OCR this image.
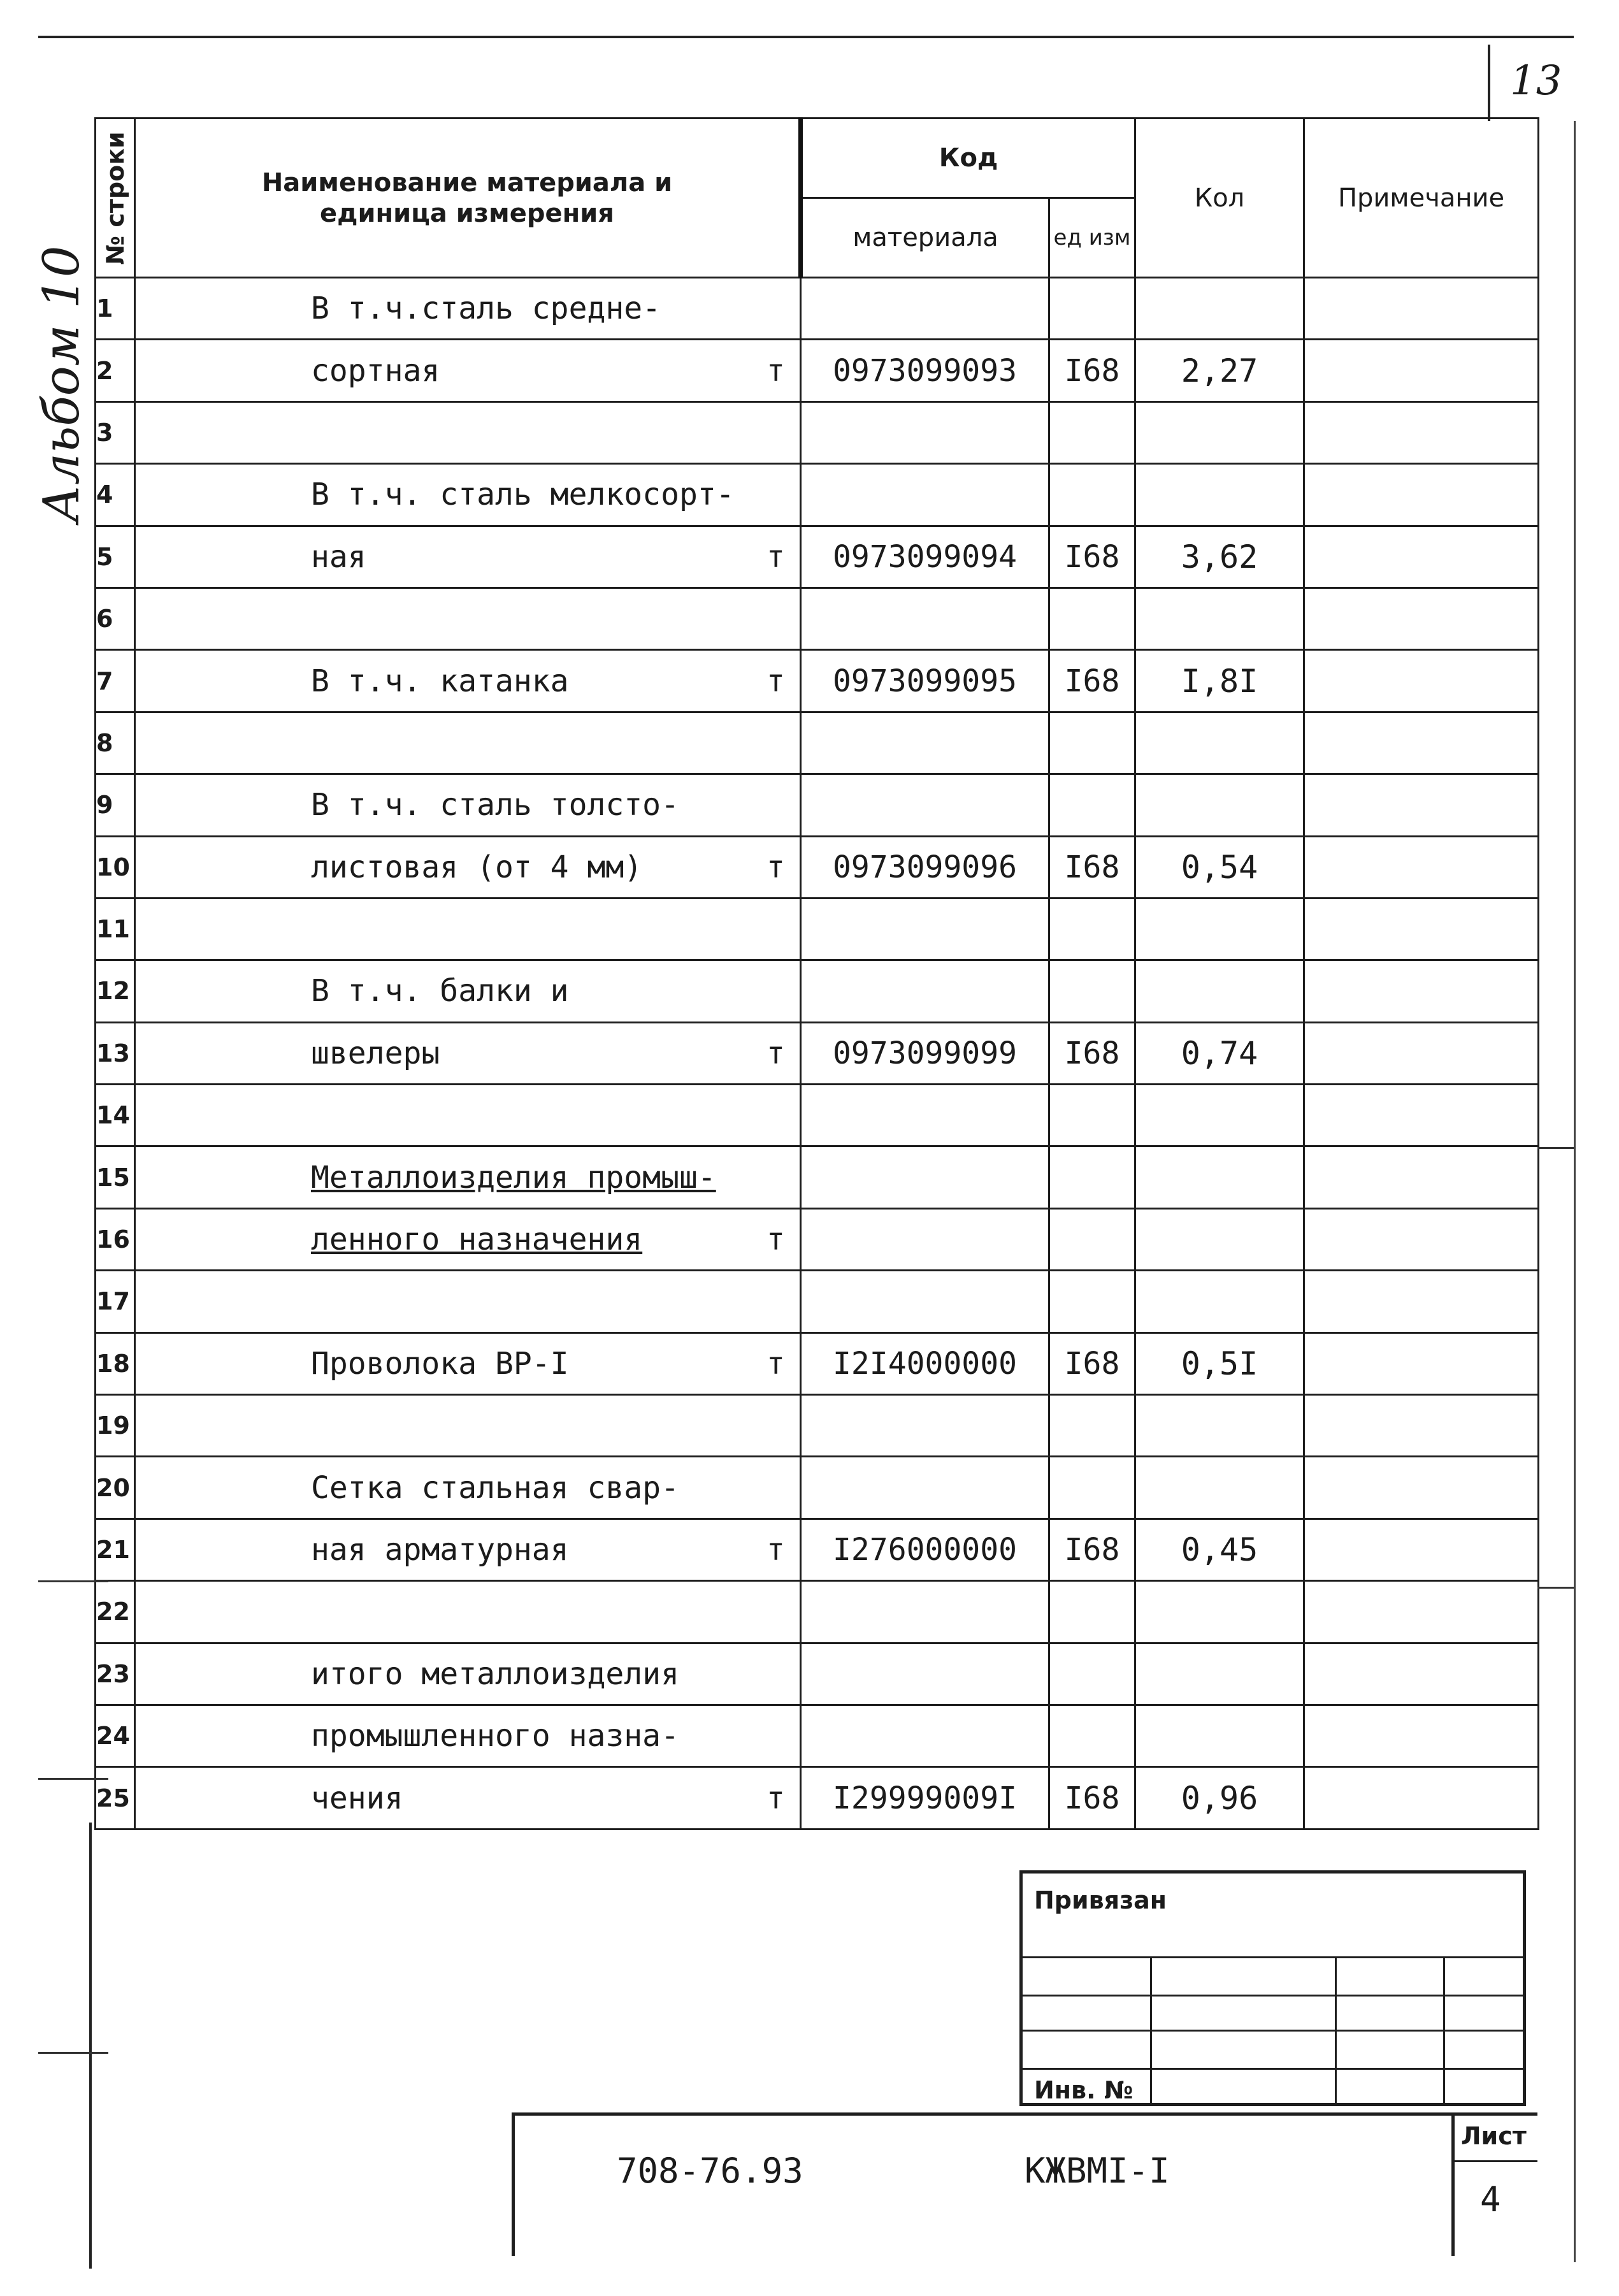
13
Альбом 10
№ строки	Наименование материала и единица измерения	Код		Кол	Примечание
		материала	ед изм		
1	В т.ч.сталь средне-				

2	сортная т	0973099093	I68	2,27	
3	

4	В т.ч. сталь мелкосорт-				

5	ная т	0973099094	I68	3,62	
6	

7	В т.ч. катанка т	0973099095	I68	I,8I	
8	

9	В т.ч. сталь толсто-				

10	листовая (от 4 мм) т	0973099096	I68	0,54	
11	

12	В т.ч. балки и				

13	швелеры т	0973099099	I68	0,74	
14	

15	Металлоизделия промыш-				

16	ленного назначения т				

17	

18	Проволока ВР-I т	I2I4000000	I68	0,5I	
19	

20	Сетка стальная свар-				

21	ная арматурная т	I276000000	I68	0,45	
22	

23	итого металлоизделия				

24	промышленного назна-				

25	чения т	I29999009I	I68	0,96	
Привязан
Инв. №
708-76.93	КЖВМI-I
Лист
4
